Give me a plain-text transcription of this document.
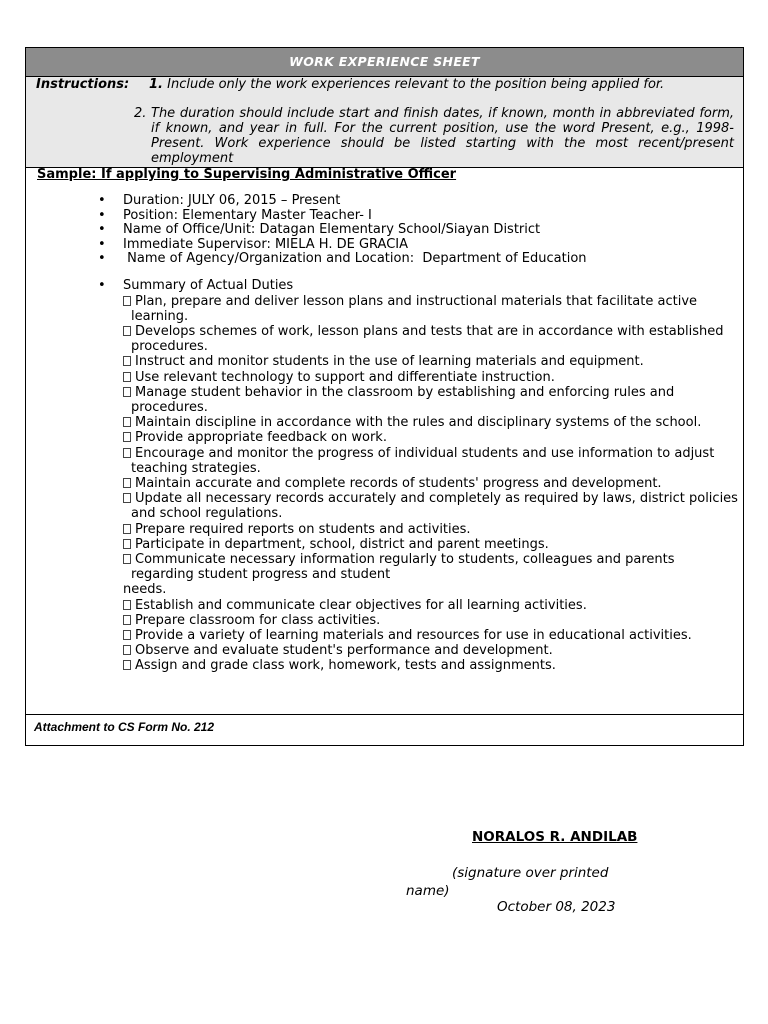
WORK EXPERIENCE SHEET
Instructions: 1. Include only the work experiences relevant to the position being applied for.
2. The duration should include start and finish dates, if known, month in abbreviated form, if known, and year in full. For the current position, use the word Present, e.g., 1998-Present. Work experience should be listed starting with the most recent/present employment
Sample: If applying to Supervising Administrative Officer
• Duration: JULY 06, 2015 – Present
• Position: Elementary Master Teacher- I
• Name of Office/Unit: Datagan Elementary School/Siayan District
• Immediate Supervisor: MIELA H. DE GRACIA
• Name of Agency/Organization and Location:  Department of Education
• Summary of Actual Duties
Plan, prepare and deliver lesson plans and instructional materials that facilitate active learning.
Develops schemes of work, lesson plans and tests that are in accordance with established procedures.
Instruct and monitor students in the use of learning materials and equipment.
Use relevant technology to support and differentiate instruction.
Manage student behavior in the classroom by establishing and enforcing rules and procedures.
Maintain discipline in accordance with the rules and disciplinary systems of the school.
Provide appropriate feedback on work.
Encourage and monitor the progress of individual students and use information to adjust teaching strategies.
Maintain accurate and complete records of students' progress and development.
Update all necessary records accurately and completely as required by laws, district policies and school regulations.
Prepare required reports on students and activities.
Participate in department, school, district and parent meetings.
Communicate necessary information regularly to students, colleagues and parents regarding student progress and student
needs.
Establish and communicate clear objectives for all learning activities.
Prepare classroom for class activities.
Provide a variety of learning materials and resources for use in educational activities.
Observe and evaluate student's performance and development.
Assign and grade class work, homework, tests and assignments.
Attachment to CS Form No. 212
NORALOS R. ANDILAB
(signature over printed name)
October 08, 2023
